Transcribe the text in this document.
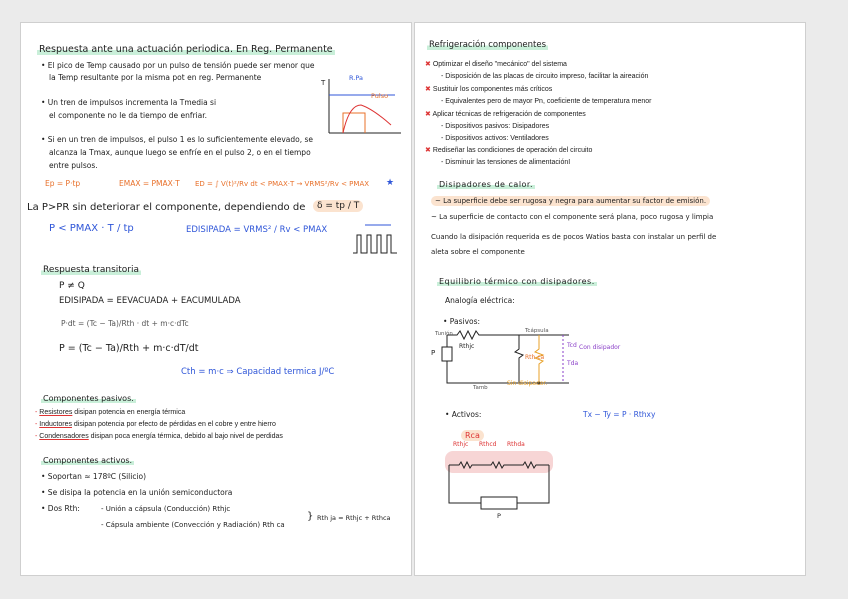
Respuesta ante una actuación periodica. En Reg. Permanente
• El pico de Temp causado por un pulso de tensión puede ser menor que
la Temp resultante por la misma pot en reg. Permanente
T
R.Pa
Pulso
• Un tren de impulsos incrementa la Tmedia si
el componente no le da tiempo de enfriar.
• Si en un tren de impulsos, el pulso 1 es lo suficientemente elevado, se
alcanza la Tmax, aunque luego se enfríe en el pulso 2, o en el tiempo
entre pulsos.
Ep = P·tp	EMAX = PMAX·T ED = ∫ V(t)²/Rv dt < PMAX·T → VRMS²/Rv < PMAX ★
La P>PR sin deteriorar el componente, dependiendo de	δ = tp / T
P < PMAX · T / tp	EDISIPADA = VRMS² / Rv < PMAX
Respuesta transitoria
P ≠ Q
EDISIPADA = EEVACUADA + EACUMULADA
P·dt = (Tc − Ta)/Rth · dt + m·c·dTc
P = (Tc − Ta)/Rth + m·c·dT/dt
Cth = m·c ⇒ Capacidad termica J/ºC
Componentes pasivos.
- Resistores disipan potencia en energía térmica
- Inductores disipan potencia por efecto de pérdidas en el cobre y entre hierro
- Condensadores disipan poca energía térmica, debido al bajo nivel de perdidas
Componentes activos.
• Soportan ≈ 178ºC (Silicio)
• Se disipa la potencia en la unión semiconductora
• Dos Rth:	- Unión a cápsula (Conducción) Rthjc
- Cápsula ambiente (Convección y Radiación) Rth ca
} Rth ja = Rthjc + Rthca
Refrigeración componentes
✖ Optimizar el diseño "mecánico" del sistema
- Disposición de las placas de circuito impreso, facilitar la aireación
✖ Sustituir los componentes más críticos
- Equivalentes pero de mayor Pn, coeficiente de temperatura menor
✖ Aplicar técnicas de refrigeración de componentes
- Dispositivos pasivos: Disipadores
- Dispositivos activos: Ventiladores
✖ Rediseñar las condiciones de operación del circuito
- Disminuir las tensiones de alimentaciónI
Disipadores de calor.
~ La superficie debe ser rugosa y negra para aumentar su factor de emisión.
~ La superficie de contacto con el componente será plana, poco rugosa y limpia
Cuando la disipación requerida es de pocos Watios basta con instalar un perfil de
aleta sobre el componente
Equilibrio térmico con disipadores.
Analogía eléctrica:
• Pasivos:
Tunión	Tcápsula
Rthjc
Rth ca
Tcd
Tda
Con disipador
P
Tamb
Sin disipador.
• Activos:	Tx − Ty = P · Rthxy
Rca
Rthjc Rthcd Rthda
P
